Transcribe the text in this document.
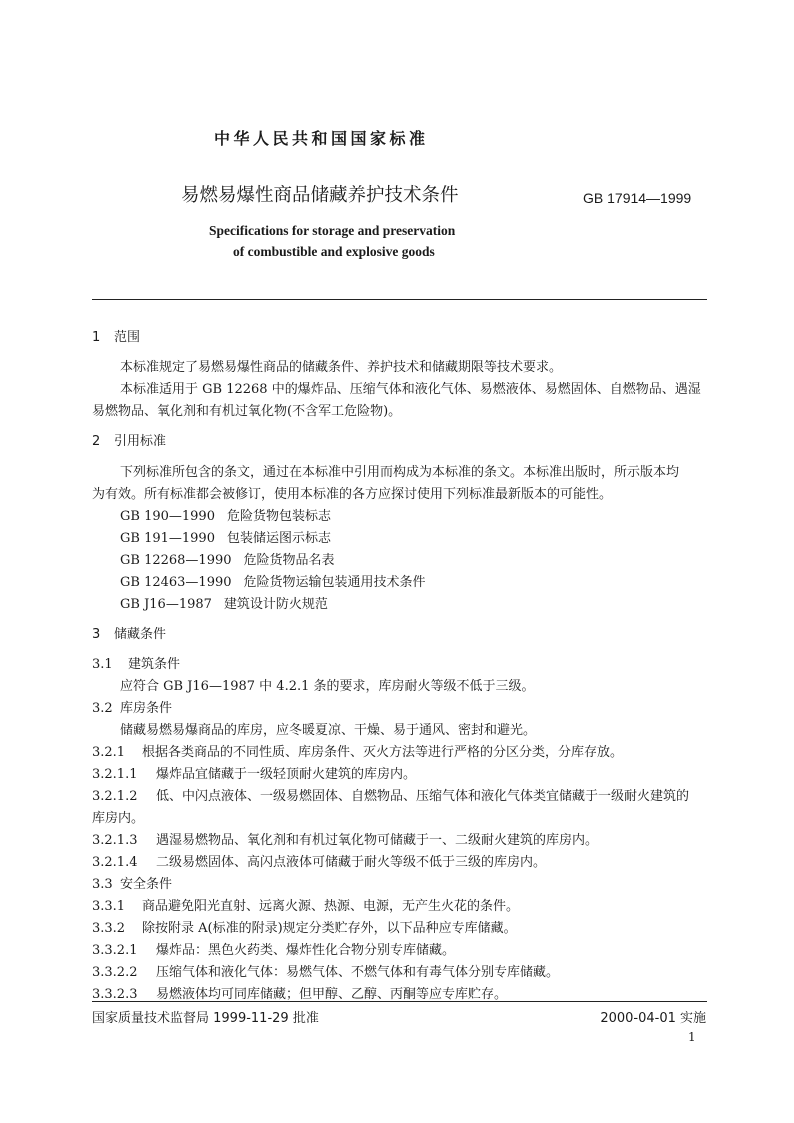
中华人民共和国国家标准
易燃易爆性商品储藏养护技术条件	GB 17914—1999
Specifications for storage and preservation
of combustible and explosive goods
1 范围
本标准规定了易燃易爆性商品的储藏条件、养护技术和储藏期限等技术要求。
本标准适用于 GB 12268 中的爆炸品、压缩气体和液化气体、易燃液体、易燃固体、自燃物品、遇湿
易燃物品、氧化剂和有机过氧化物(不含军工危险物)。
2 引用标准
下列标准所包含的条文，通过在本标准中引用而构成为本标准的条文。本标准出版时，所示版本均
为有效。所有标准都会被修订，使用本标准的各方应探讨使用下列标准最新版本的可能性。
GB 190—1990 危险货物包装标志
GB 191—1990 包装储运图示标志
GB 12268—1990 危险货物品名表
GB 12463—1990 危险货物运输包装通用技术条件
GB J16—1987 建筑设计防火规范
3 储藏条件
3.1 建筑条件
应符合 GB J16—1987 中 4.2.1 条的要求，库房耐火等级不低于三级。
3.2 库房条件
储藏易燃易爆商品的库房，应冬暖夏凉、干燥、易于通风、密封和避光。
3.2.1 根据各类商品的不同性质、库房条件、灭火方法等进行严格的分区分类，分库存放。
3.2.1.1 爆炸品宜储藏于一级轻顶耐火建筑的库房内。
3.2.1.2 低、中闪点液体、一级易燃固体、自燃物品、压缩气体和液化气体类宜储藏于一级耐火建筑的
库房内。
3.2.1.3 遇湿易燃物品、氧化剂和有机过氧化物可储藏于一、二级耐火建筑的库房内。
3.2.1.4 二级易燃固体、高闪点液体可储藏于耐火等级不低于三级的库房内。
3.3 安全条件
3.3.1 商品避免阳光直射、远离火源、热源、电源，无产生火花的条件。
3.3.2 除按附录 A(标准的附录)规定分类贮存外，以下品种应专库储藏。
3.3.2.1 爆炸品：黑色火药类、爆炸性化合物分别专库储藏。
3.3.2.2 压缩气体和液化气体：易燃气体、不燃气体和有毒气体分别专库储藏。
3.3.2.3 易燃液体均可同库储藏；但甲醇、乙醇、丙酮等应专库贮存。
国家质量技术监督局 1999-11-29 批准	2000-04-01 实施
1
